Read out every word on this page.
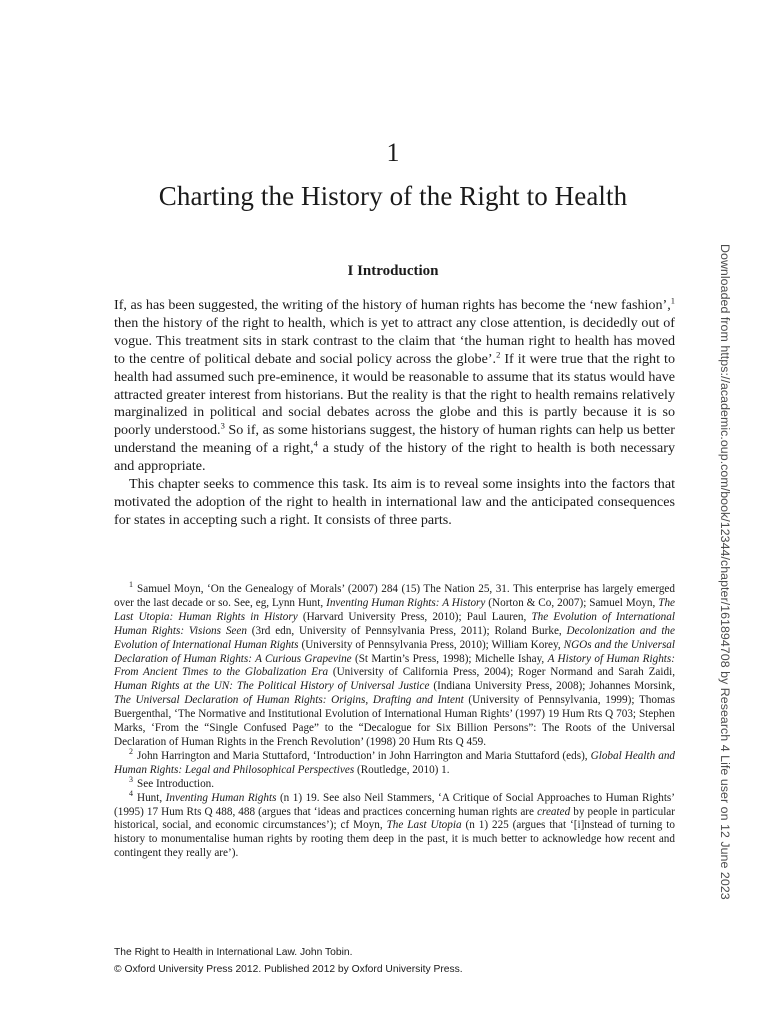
1
Charting the History of the Right to Health
I Introduction

If, as has been suggested, the writing of the history of human rights has become the ‘new fashion’,$^1$ then the history of the right to health, which is yet to attract any close attention, is decidedly out of vogue. This treatment sits in stark contrast to the claim that ‘the human right to health has moved to the centre of political debate and social policy across the globe’.$^2$ If it were true that the right to health had assumed such pre-eminence, it would be reasonable to assume that its status would have attracted greater interest from historians. But the reality is that the right to health remains relatively marginalized in political and social debates across the globe and this is partly because it is so poorly understood.$^3$ So if, as some historians suggest, the history of human rights can help us better understand the meaning of a right,$^4$ a study of the history of the right to health is both necessary and appropriate.

This chapter seeks to commence this task. Its aim is to reveal some insights into the factors that motivated the adoption of the right to health in international law and the anticipated consequences for states in accepting such a right. It consists of three parts.

$^1$ Samuel Moyn, ‘On the Genealogy of Morals’ (2007) 284 (15) The Nation 25, 31. This enterprise has largely emerged over the last decade or so. See, eg, Lynn Hunt, Inventing Human Rights: A History (Norton & Co, 2007); Samuel Moyn, The Last Utopia: Human Rights in History (Harvard University Press, 2010); Paul Lauren, The Evolution of International Human Rights: Visions Seen (3rd edn, University of Pennsylvania Press, 2011); Roland Burke, Decolonization and the Evolution of International Human Rights (University of Pennsylvania Press, 2010); William Korey, NGOs and the Universal Declaration of Human Rights: A Curious Grapevine (St Martin’s Press, 1998); Michelle Ishay, A History of Human Rights: From Ancient Times to the Globalization Era (University of California Press, 2004); Roger Normand and Sarah Zaidi, Human Rights at the UN: The Political History of Universal Justice (Indiana University Press, 2008); Johannes Morsink, The Universal Declaration of Human Rights: Origins, Drafting and Intent (University of Pennsylvania, 1999); Thomas Buergenthal, ‘The Normative and Institutional Evolution of International Human Rights’ (1997) 19 Hum Rts Q 703; Stephen Marks, ‘From the “Single Confused Page” to the “Decalogue for Six Billion Persons”: The Roots of the Universal Declaration of Human Rights in the French Revolution’ (1998) 20 Hum Rts Q 459.

$^2$ John Harrington and Maria Stuttaford, ‘Introduction’ in John Harrington and Maria Stuttaford (eds), Global Health and Human Rights: Legal and Philosophical Perspectives (Routledge, 2010) 1.

$^3$ See Introduction.

$^4$ Hunt, Inventing Human Rights (n 1) 19. See also Neil Stammers, ‘A Critique of Social Approaches to Human Rights’ (1995) 17 Hum Rts Q 488, 488 (argues that ‘ideas and practices concerning human rights are created by people in particular historical, social, and economic circumstances’); cf Moyn, The Last Utopia (n 1) 225 (argues that ‘[i]nstead of turning to history to monumentalise human rights by rooting them deep in the past, it is much better to acknowledge how recent and contingent they really are’).

The Right to Health in International Law. John Tobin.
© Oxford University Press 2012. Published 2012 by Oxford University Press.
Downloaded from https://academic.oup.com/book/12344/chapter/161894708 by Research 4 Life user on 12 June 2023
